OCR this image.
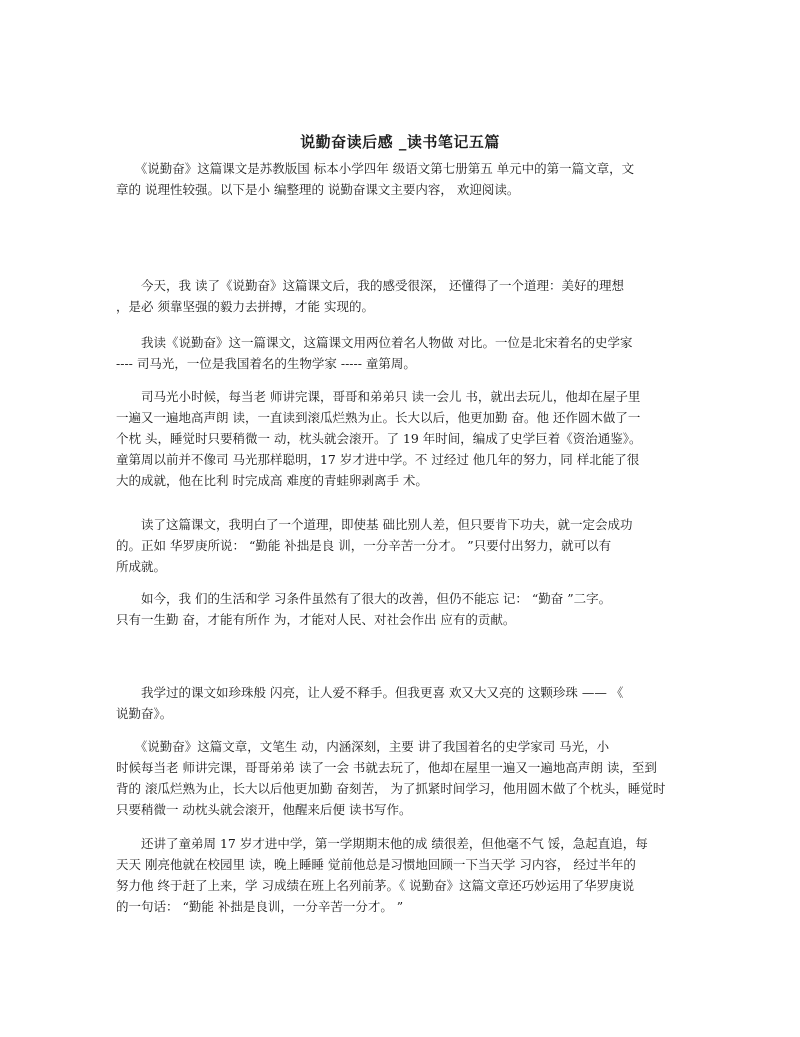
说勤奋读后感 _读书笔记五篇
　　《说勤奋》这篇课文是苏教版国 标本小学四年 级语文第七册第五 单元中的第一篇文章，文
章的 说理性较强。以下是小 编整理的 说勤奋课文主要内容， 欢迎阅读。
　　今天，我 读了《说勤奋》这篇课文后，我的感受很深， 还懂得了一个道理：美好的理想
，是必 须靠坚强的毅力去拼搏，才能 实现的。
　　我读《说勤奋》这一篇课文，这篇课文用两位着名人物做 对比。一位是北宋着名的史学家
---- 司马光，一位是我国着名的生物学家 ----- 童第周。
　　司马光小时候，每当老 师讲完课，哥哥和弟弟只 读一会儿 书，就出去玩儿，他却在屋子里
一遍又一遍地高声朗 读，一直读到滚瓜烂熟为止。长大以后，他更加勤 奋。他 还作圆木做了一
个枕 头，睡觉时只要稍微一 动，枕头就会滚开。了 19 年时间，编成了史学巨着《资治通鉴》。
童第周以前并不像司 马光那样聪明，17 岁才进中学。不 过经过 他几年的努力，同 样北能了很
大的成就，他在比利 时完成高 难度的青蛙卵剥离手 术。
　　读了这篇课文，我明白了一个道理，即使基 础比别人差，但只要肯下功夫，就一定会成功
的。正如 华罗庚所说： “勤能 补拙是良 训，一分辛苦一分才。 ”只要付出努力，就可以有
所成就。
　　如今，我 们的生活和学 习条件虽然有了很大的改善，但仍不能忘 记： “勤奋 ”二字。
只有一生勤 奋，才能有所作 为，才能对人民、对社会作出 应有的贡献。
　　我学过的课文如珍珠般 闪亮，让人爱不释手。但我更喜 欢又大又亮的 这颗珍珠 —— 《
说勤奋》。
　　《说勤奋》这篇文章，文笔生 动，内涵深刻，主要 讲了我国着名的史学家司 马光，小
时候每当老 师讲完课，哥哥弟弟 读了一会 书就去玩了，他却在屋里一遍又一遍地高声朗 读，至到
背的 滚瓜烂熟为止，长大以后他更加勤 奋刻苦， 为了抓紧时间学习，他用圆木做了个枕头，睡觉时
只要稍微一 动枕头就会滚开，他醒来后便 读书写作。
　　还讲了童弟周 17 岁才进中学，第一学期期末他的成 绩很差，但他毫不气 馁，急起直追，每
天天 刚亮他就在校园里 读，晚上睡睡 觉前他总是习惯地回顾一下当天学 习内容， 经过半年的
努力他 终于赶了上来，学 习成绩在班上名列前茅。《 说勤奋》这篇文章还巧妙运用了华罗庚说
的一句话： “勤能 补拙是良训，一分辛苦一分才。 ”
